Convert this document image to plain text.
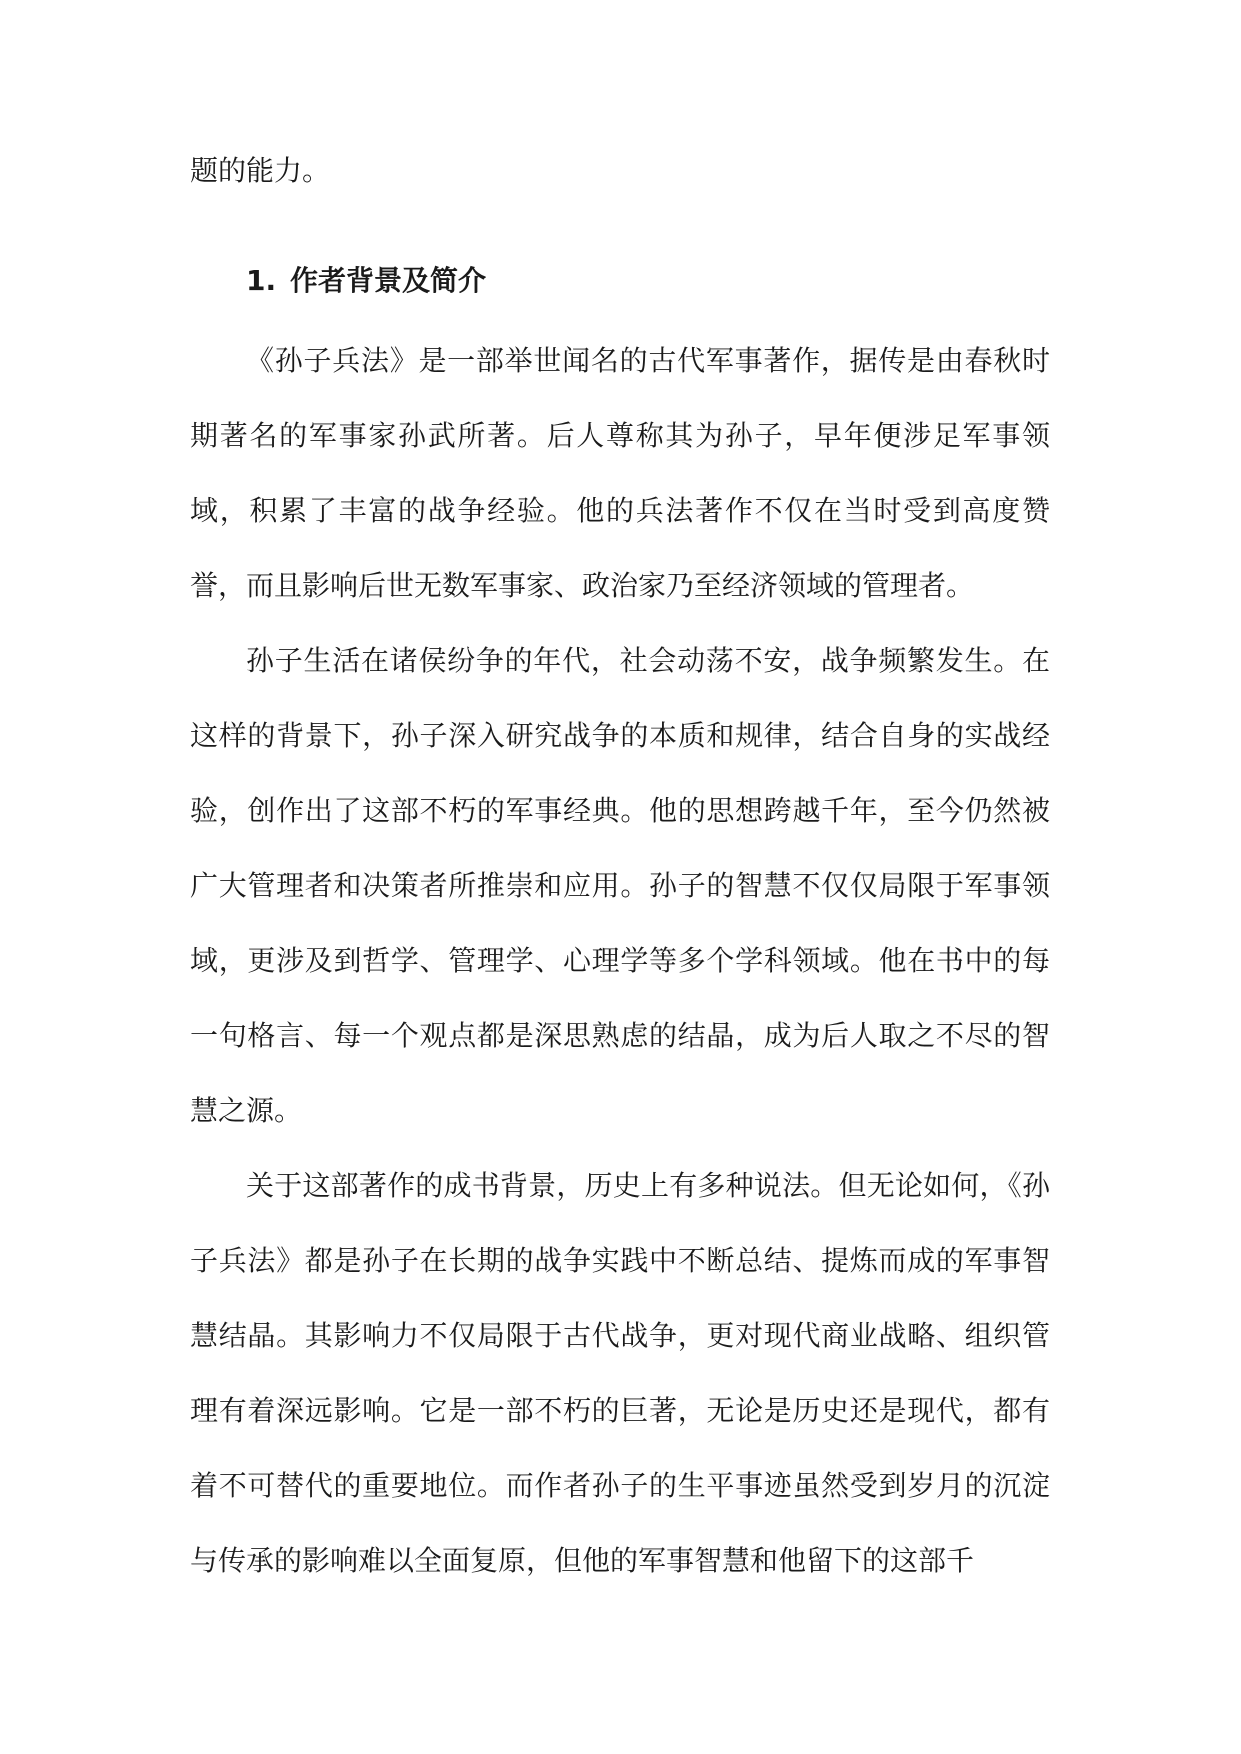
题的能力。

1. 作者背景及简介

《孙子兵法》是一部举世闻名的古代军事著作，据传是由春秋时期著名的军事家孙武所著。后人尊称其为孙子，早年便涉足军事领域，积累了丰富的战争经验。他的兵法著作不仅在当时受到高度赞誉，而且影响后世无数军事家、政治家乃至经济领域的管理者。

孙子生活在诸侯纷争的年代，社会动荡不安，战争频繁发生。在这样的背景下，孙子深入研究战争的本质和规律，结合自身的实战经验，创作出了这部不朽的军事经典。他的思想跨越千年，至今仍然被广大管理者和决策者所推崇和应用。孙子的智慧不仅仅局限于军事领域，更涉及到哲学、管理学、心理学等多个学科领域。他在书中的每一句格言、每一个观点都是深思熟虑的结晶，成为后人取之不尽的智慧之源。

关于这部著作的成书背景，历史上有多种说法。但无论如何，《孙子兵法》都是孙子在长期的战争实践中不断总结、提炼而成的军事智慧结晶。其影响力不仅局限于古代战争，更对现代商业战略、组织管理有着深远影响。它是一部不朽的巨著，无论是历史还是现代，都有着不可替代的重要地位。而作者孙子的生平事迹虽然受到岁月的沉淀与传承的影响难以全面复原，但他的军事智慧和他留下的这部千
